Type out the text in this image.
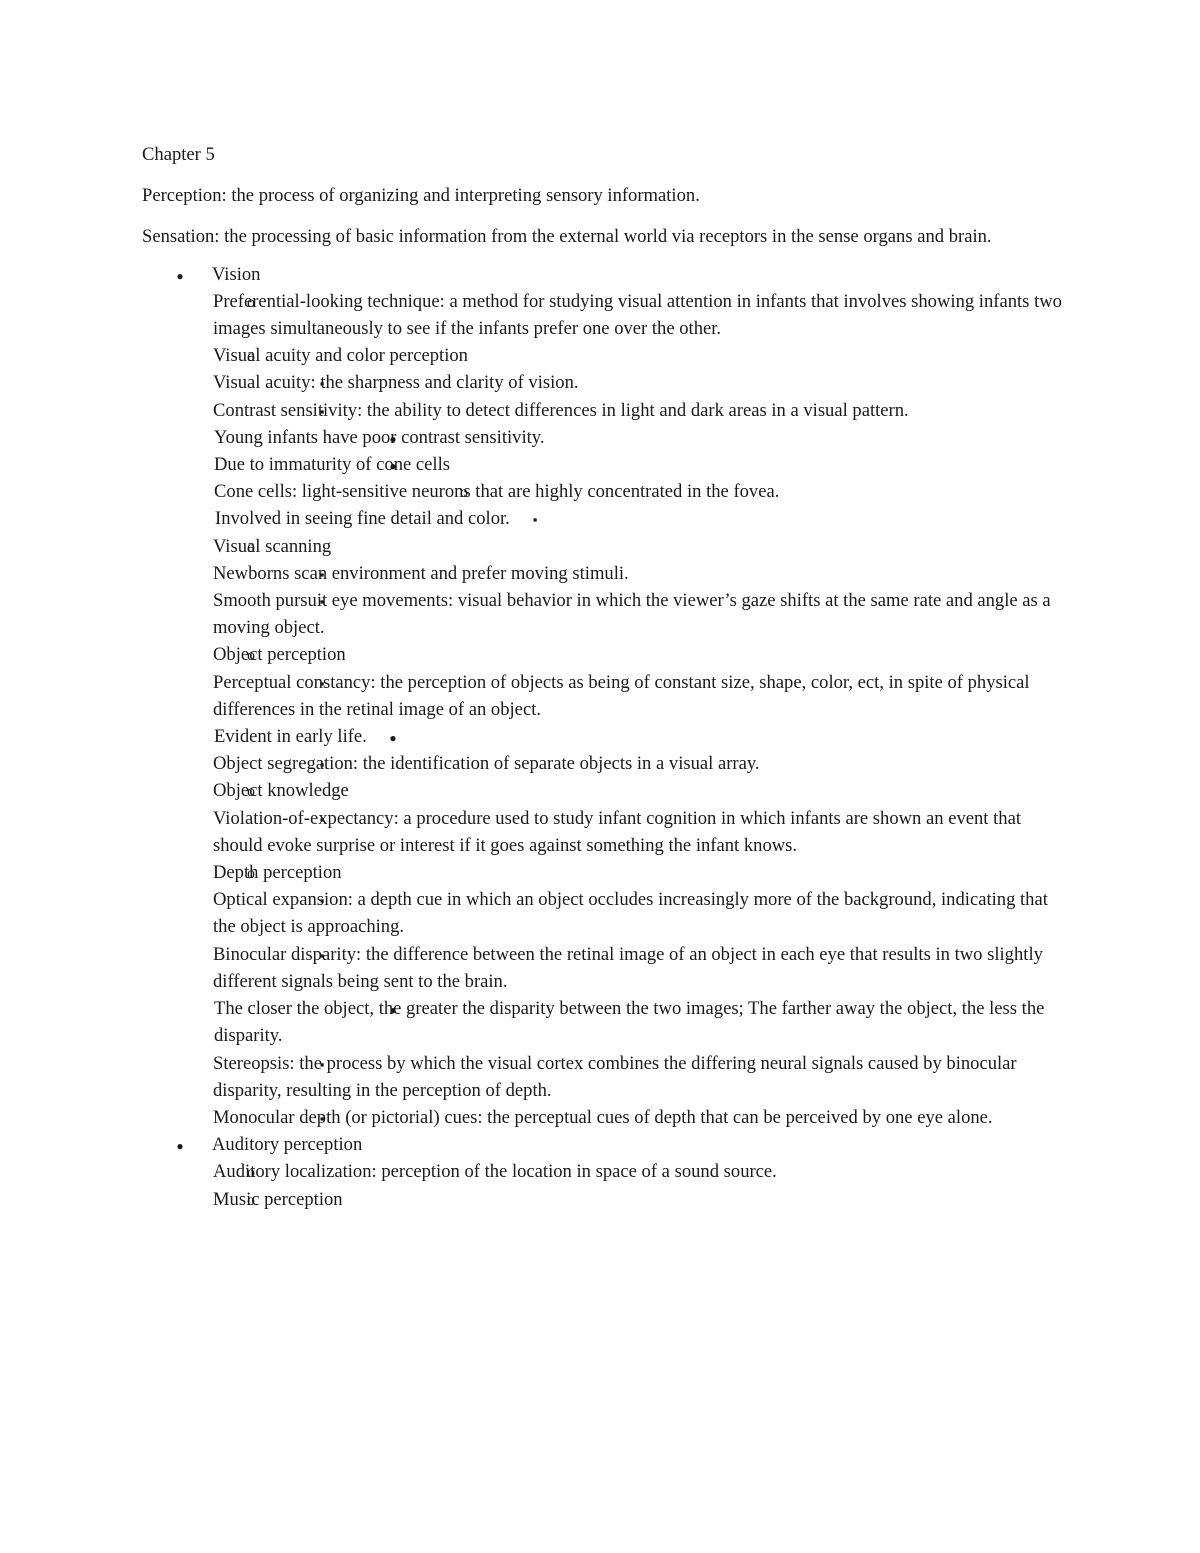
Chapter 5

Perception: the process of organizing and interpreting sensory information.

Sensation: the processing of basic information from the external world via receptors in the sense organs and brain.

●
Vision
o
Preferential-looking technique: a method for studying visual attention in infants that involves showing infants two images simultaneously to see if the infants prefer one over the other.
o
Visual acuity and color perception
▪
Visual acuity: the sharpness and clarity of vision.
▪
Contrast sensitivity: the ability to detect differences in light and dark areas in a visual pattern.
●
Young infants have poor contrast sensitivity.
●
Due to immaturity of cone cells
o
Cone cells: light-sensitive neurons that are highly concentrated in the fovea.
▪
Involved in seeing fine detail and color.
o
Visual scanning
▪
Newborns scan environment and prefer moving stimuli.
▪
Smooth pursuit eye movements: visual behavior in which the viewer’s gaze shifts at the same rate and angle as a moving object.
o
Object perception
▪
Perceptual constancy: the perception of objects as being of constant size, shape, color, ect, in spite of physical differences in the retinal image of an object.
●
Evident in early life.
▪
Object segregation: the identification of separate objects in a visual array.
o
Object knowledge
▪
Violation-of-expectancy: a procedure used to study infant cognition in which infants are shown an event that should evoke surprise or interest if it goes against something the infant knows.
o
Depth perception
▪
Optical expansion: a depth cue in which an object occludes increasingly more of the background, indicating that the object is approaching.
▪
Binocular disparity: the difference between the retinal image of an object in each eye that results in two slightly different signals being sent to the brain.
●
The closer the object, the greater the disparity between the two images; The farther away the object, the less the disparity.
▪
Stereopsis: the process by which the visual cortex combines the differing neural signals caused by binocular disparity, resulting in the perception of depth.
▪
Monocular depth (or pictorial) cues: the perceptual cues of depth that can be perceived by one eye alone.
●
Auditory perception
o
Auditory localization: perception of the location in space of a sound source.
o
Music perception
